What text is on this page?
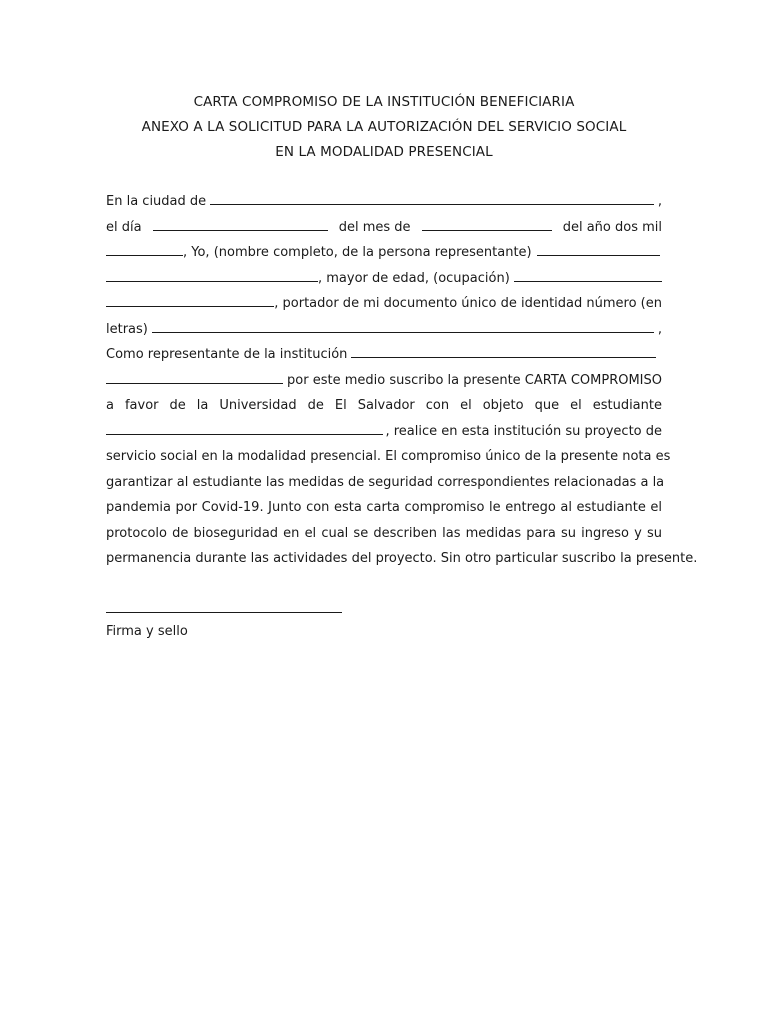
CARTA COMPROMISO DE LA INSTITUCIÓN BENEFICIARIA
ANEXO A LA SOLICITUD PARA LA AUTORIZACIÓN DEL SERVICIO SOCIAL
EN LA MODALIDAD PRESENCIAL
En la ciudad de	,
el día	del mes de	del año dos mil
, Yo, (nombre completo, de la persona representante)
, mayor de edad, (ocupación)
, portador de mi documento único de identidad número (en
letras)	,
Como representante de la institución
por este medio suscribo la presente CARTA COMPROMISO
a favor de la Universidad de El Salvador con el objeto que el estudiante
, realice en esta institución su proyecto de
servicio social en la modalidad presencial. El compromiso único de la presente nota es
garantizar al estudiante las medidas de seguridad correspondientes relacionadas a la
pandemia por Covid-19. Junto con esta carta compromiso le entrego al estudiante el
protocolo de bioseguridad en el cual se describen las medidas para su ingreso y su
permanencia durante las actividades del proyecto. Sin otro particular suscribo la presente.
Firma y sello
